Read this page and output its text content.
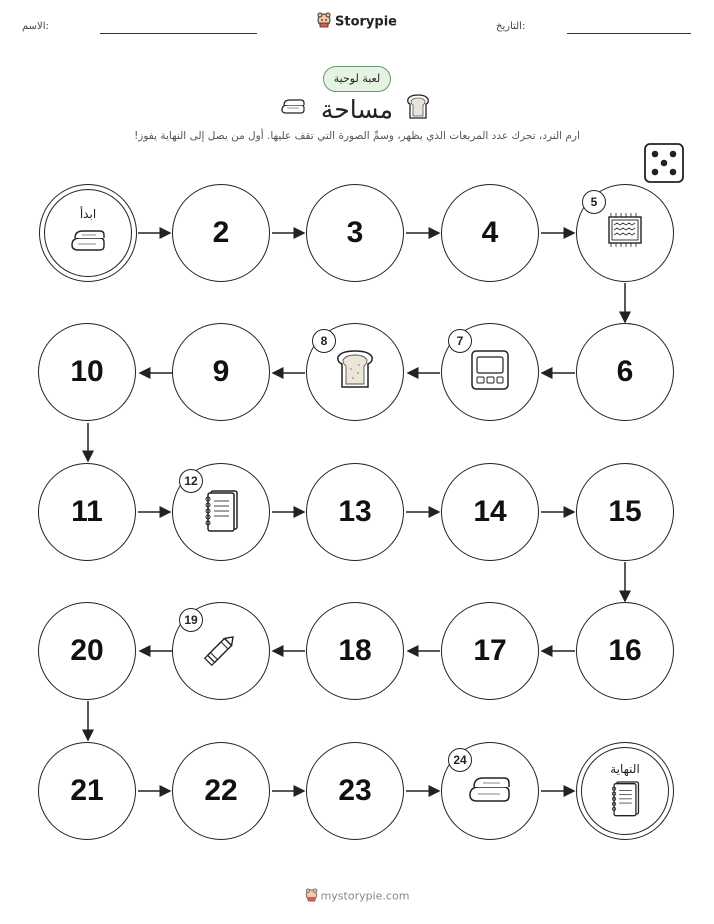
الاسم:	التاريخ:
Storypie
لعبة لوحية
مساحة
ارم النرد، تحرك عدد المربعات الذي يظهر، وسمِّ الصورة التي تقف عليها. أول من يصل إلى النهاية يفوز!
ابدأ
2	3	4
5
10	9
8	7
6
11
12
13	14	15
20
19
18	17	16
21	22	23
24
النهاية
mystorypie.com
